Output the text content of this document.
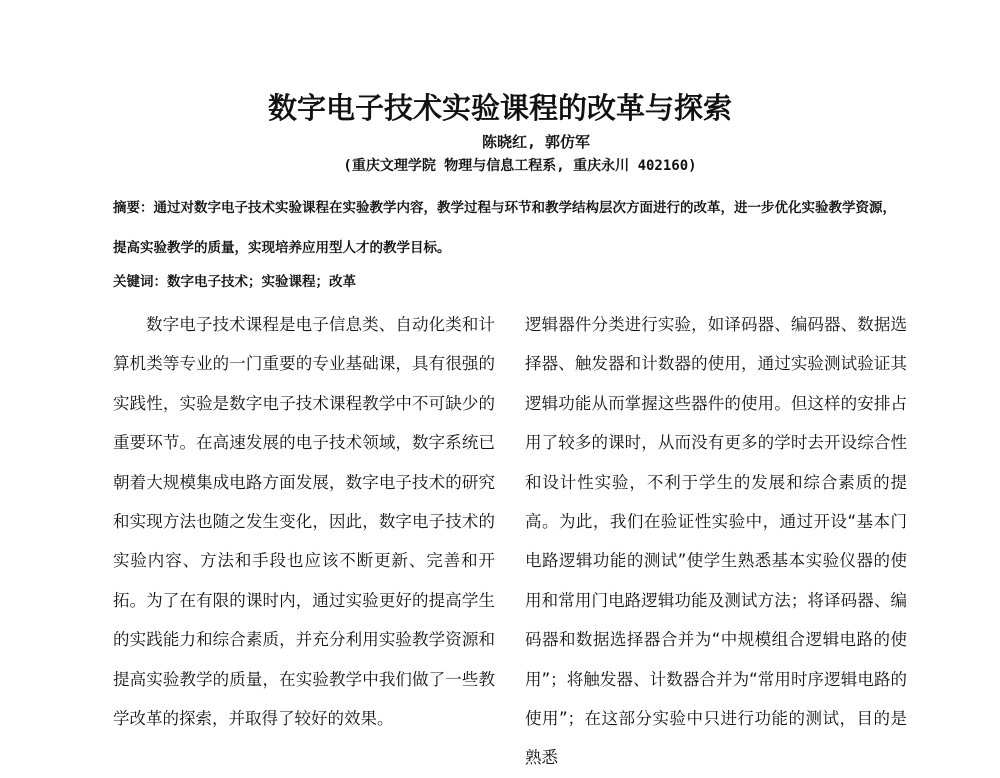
数字电子技术实验课程的改革与探索
陈晓红, 郭仿军
(重庆文理学院 物理与信息工程系, 重庆永川 402160)

摘要：通过对数字电子技术实验课程在实验教学内容，教学过程与环节和教学结构层次方面进行的改革，进一步优化实验教学资源，提高实验教学的质量，实现培养应用型人才的教学目标。

关键词：数字电子技术；实验课程；改革

数字电子技术课程是电子信息类、自动化类和计算机类等专业的一门重要的专业基础课，具有很强的实践性，实验是数字电子技术课程教学中不可缺少的重要环节。在高速发展的电子技术领域，数字系统已朝着大规模集成电路方面发展，数字电子技术的研究和实现方法也随之发生变化，因此，数字电子技术的实验内容、方法和手段也应该不断更新、完善和开拓。为了在有限的课时内，通过实验更好的提高学生的实践能力和综合素质，并充分利用实验教学资源和提高实验教学的质量，在实验教学中我们做了一些教学改革的探索，并取得了较好的效果。

逻辑器件分类进行实验，如译码器、编码器、数据选择器、触发器和计数器的使用，通过实验测试验证其逻辑功能从而掌握这些器件的使用。但这样的安排占用了较多的课时，从而没有更多的学时去开设综合性和设计性实验，不利于学生的发展和综合素质的提高。为此，我们在验证性实验中，通过开设“基本门电路逻辑功能的测试”使学生熟悉基本实验仪器的使用和常用门电路逻辑功能及测试方法；将译码器、编码器和数据选择器合并为“中规模组合逻辑电路的使用”；将触发器、计数器合并为“常用时序逻辑电路的使用”；在这部分实验中只进行功能的测试，目的是熟悉
